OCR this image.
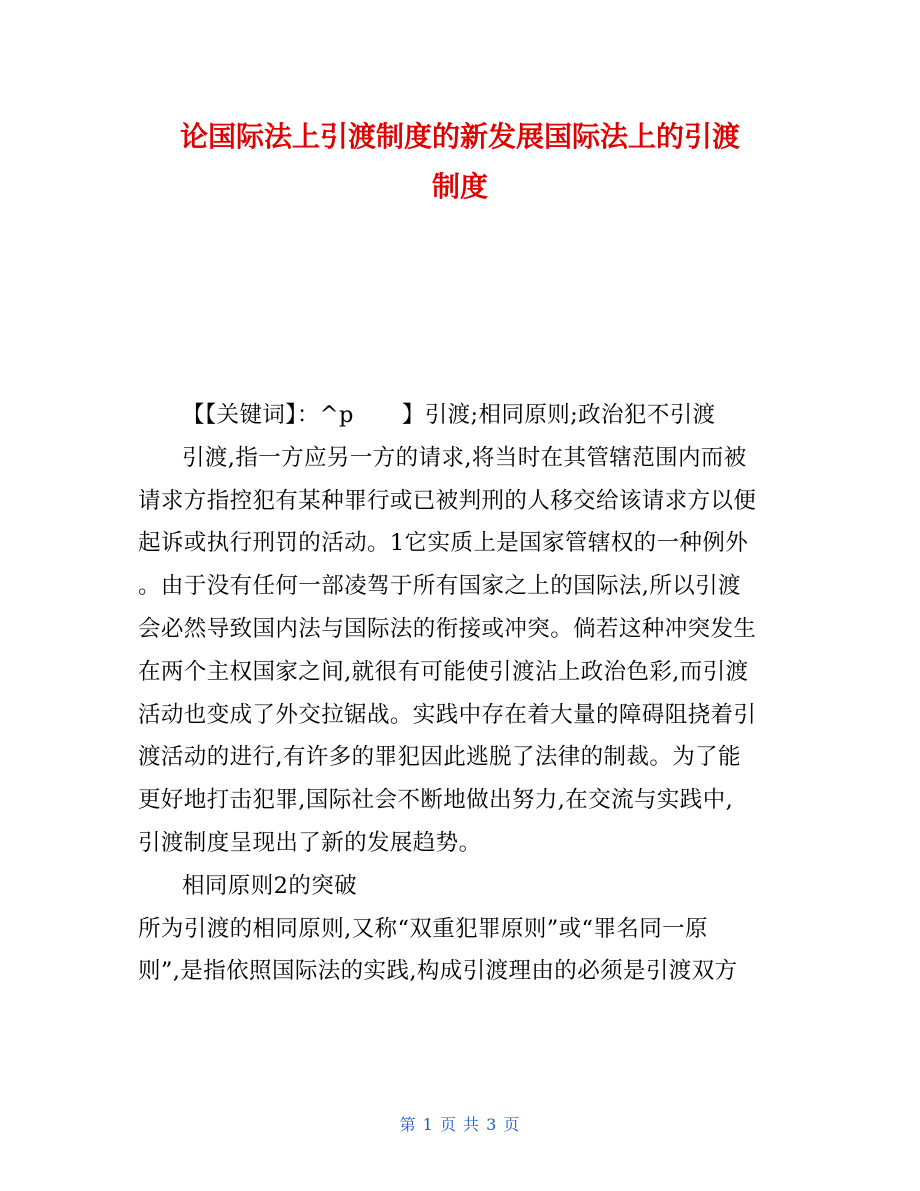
论国际法上引渡制度的新发展国际法上的引渡
制度
【【关键词】：^p 】引渡;相同原则;政治犯不引渡
引渡,指一方应另一方的请求,将当时在其管辖范围内而被
请求方指控犯有某种罪行或已被判刑的人移交给该请求方以便
起诉或执行刑罚的活动。1它实质上是国家管辖权的一种例外
。由于没有任何一部凌驾于所有国家之上的国际法,所以引渡
会必然导致国内法与国际法的衔接或冲突。倘若这种冲突发生
在两个主权国家之间,就很有可能使引渡沾上政治色彩,而引渡
活动也变成了外交拉锯战。实践中存在着大量的障碍阻挠着引
渡活动的进行,有许多的罪犯因此逃脱了法律的制裁。为了能
更好地打击犯罪,国际社会不断地做出努力,在交流与实践中,
引渡制度呈现出了新的发展趋势。
相同原则2的突破
所为引渡的相同原则,又称“双重犯罪原则”或“罪名同一原
则”,是指依照国际法的实践,构成引渡理由的必须是引渡双方
第 1 页 共 3 页
